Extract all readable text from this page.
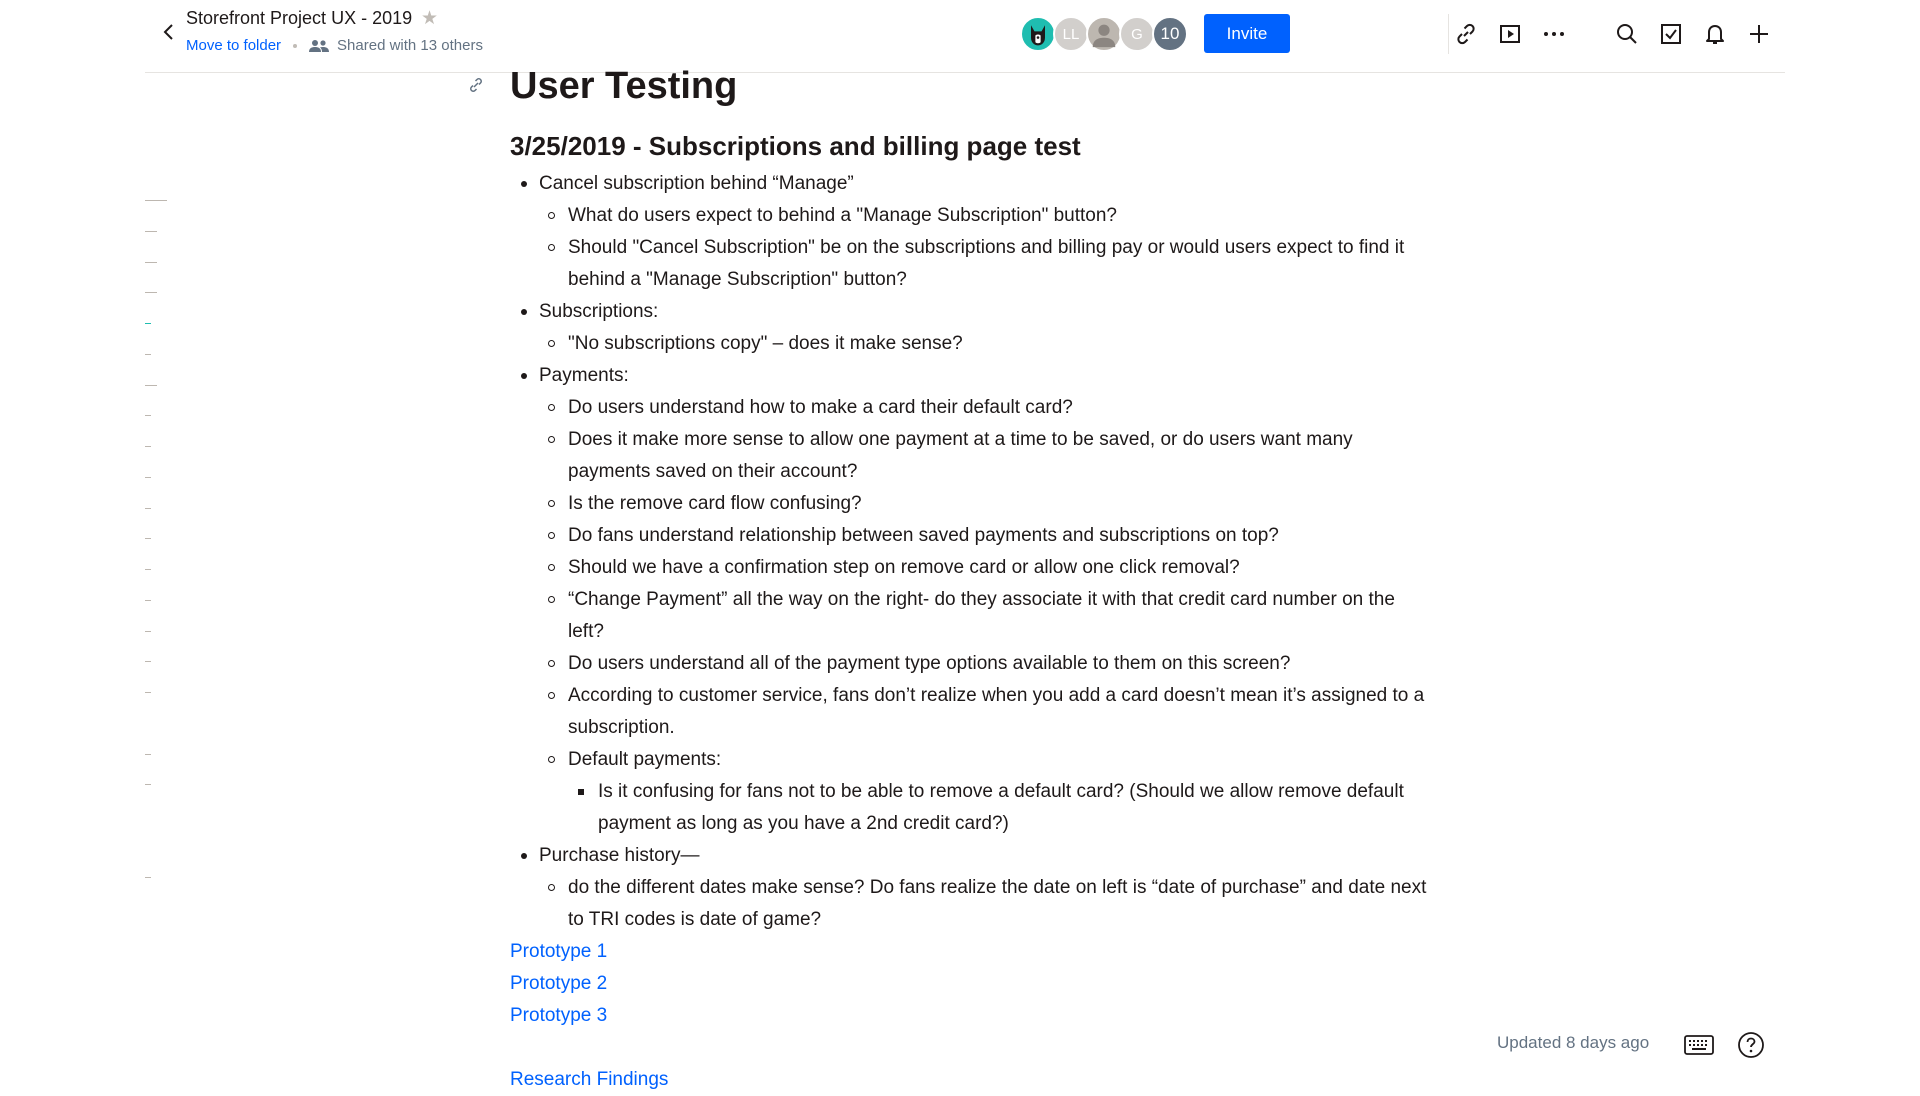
Storefront Project UX - 2019 ★
Move to folder	Shared with 13 others
LL	G	10	Invite
User Testing
3/25/2019 - Subscriptions and billing page test
Cancel subscription behind “Manage”
What do users expect to behind a "Manage Subscription" button?
Should "Cancel Subscription" be on the subscriptions and billing pay or would users expect to find it behind a "Manage Subscription" button?
Subscriptions:
"No subscriptions copy" – does it make sense?
Payments:
Do users understand how to make a card their default card?
Does it make more sense to allow one payment at a time to be saved, or do users want many payments saved on their account?
Is the remove card flow confusing?
Do fans understand relationship between saved payments and subscriptions on top?
Should we have a confirmation step on remove card or allow one click removal?
“Change Payment” all the way on the right- do they associate it with that credit card number on the left?
Do users understand all of the payment type options available to them on this screen?
According to customer service, fans don’t realize when you add a card doesn’t mean it’s assigned to a subscription.
Default payments:
Is it confusing for fans not to be able to remove a default card? (Should we allow remove default payment as long as you have a 2nd credit card?)
Purchase history—
do the different dates make sense? Do fans realize the date on left is “date of purchase” and date next to TRI codes is date of game?
Prototype 1
Prototype 2
Prototype 3
Research Findings
Updated 8 days ago
